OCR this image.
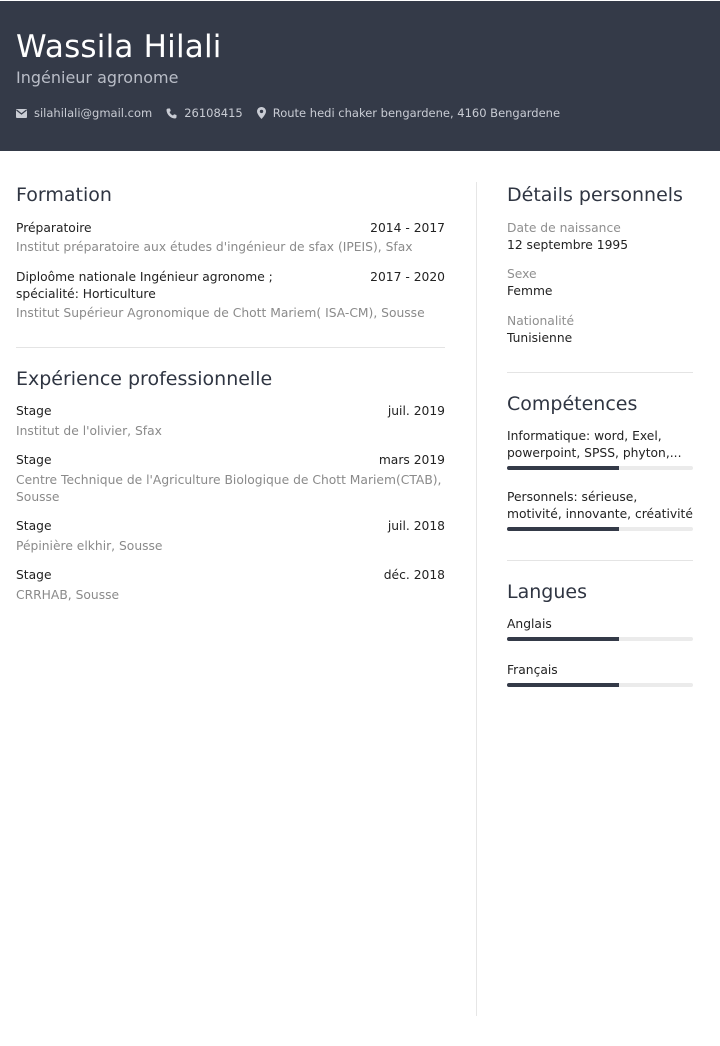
Wassila Hilali
Ingénieur agronome
silahilali@gmail.com	26108415	Route hedi chaker bengardene, 4160 Bengardene
Formation
Préparatoire	2014 - 2017
Institut préparatoire aux études d'ingénieur de sfax (IPEIS), Sfax
Diploôme nationale Ingénieur agronome ; spécialité: Horticulture
2017 - 2020
Institut Supérieur Agronomique de Chott Mariem( ISA-CM), Sousse
Expérience professionnelle
Stage	juil. 2019
Institut de l'olivier, Sfax
Stage	mars 2019
Centre Technique de l'Agriculture Biologique de Chott Mariem(CTAB), Sousse
Stage	juil. 2018
Pépinière elkhir, Sousse
Stage	déc. 2018
CRRHAB, Sousse
Détails personnels
Date de naissance
12 septembre 1995
Sexe
Femme
Nationalité
Tunisienne
Compétences
Informatique: word, Exel, powerpoint, SPSS, phyton,...
Personnels: sérieuse, motivité, innovante, créativité
Langues
Anglais
Français
